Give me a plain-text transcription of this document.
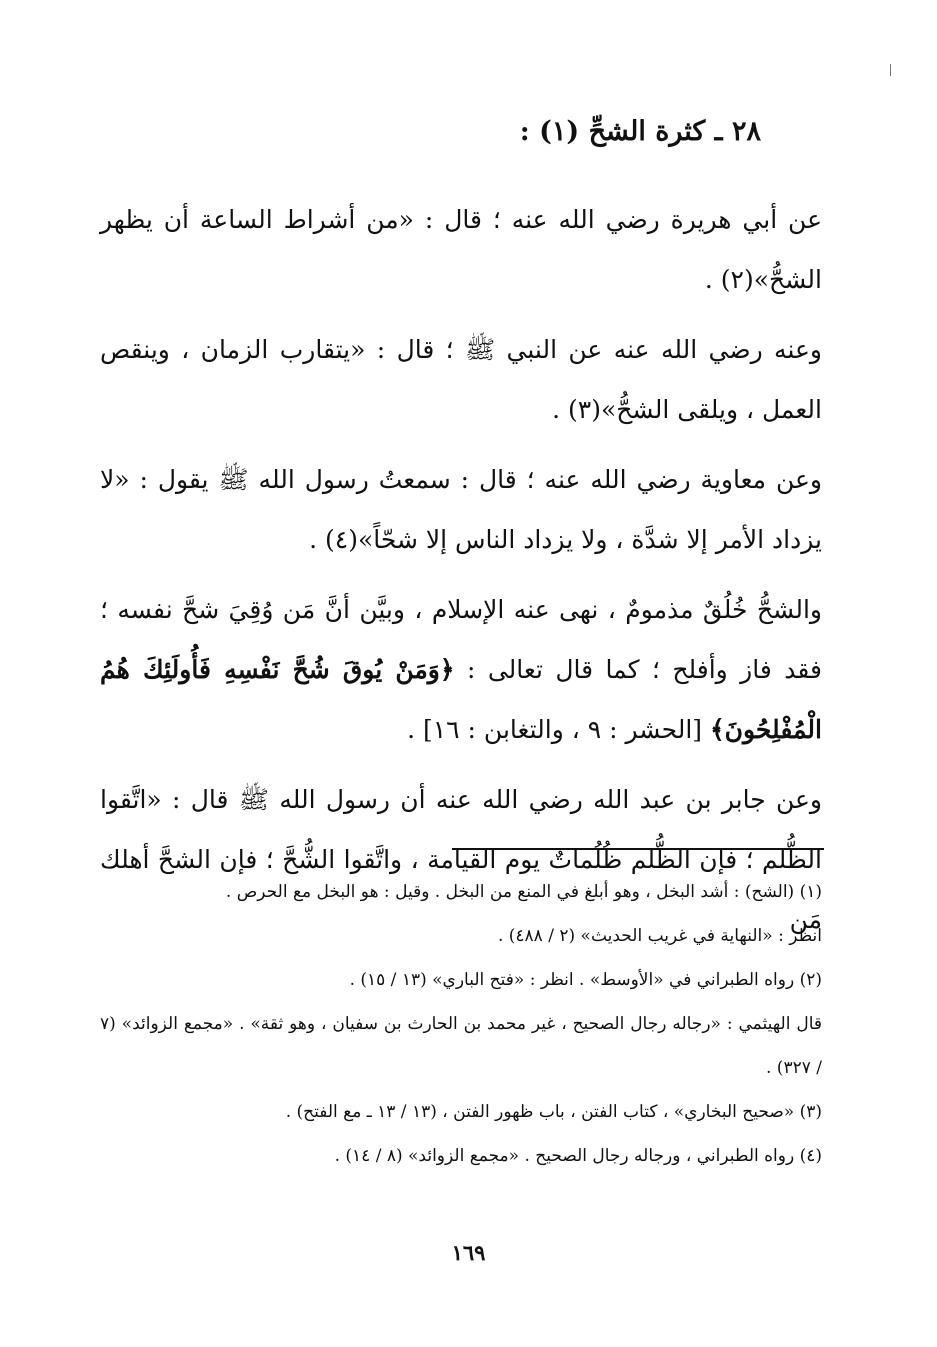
٢٨ ـ كثرة الشحِّ (١) :

عن أبي هريرة رضي الله عنه ؛ قال : «من أشراط الساعة أن يظهر الشحُّ»(٢) .

وعنه رضي الله عنه عن النبي ﷺ ؛ قال : «يتقارب الزمان ، وينقص العمل ، ويلقى الشحُّ»(٣) .

وعن معاوية رضي الله عنه ؛ قال : سمعتُ رسول الله ﷺ يقول : «لا يزداد الأمر إلا شدَّة ، ولا يزداد الناس إلا شحّاً»(٤) .

والشحُّ خُلُقٌ مذمومٌ ، نهى عنه الإسلام ، وبيَّن أنَّ مَن وُقِيَ شحَّ نفسه ؛ فقد فاز وأفلح ؛ كما قال تعالى : ﴿وَمَنْ يُوقَ شُحَّ نَفْسِهِ فَأُولَئِكَ هُمُ الْمُفْلِحُونَ﴾ [الحشر : ٩ ، والتغابن : ١٦] .

وعن جابر بن عبد الله رضي الله عنه أن رسول الله ﷺ قال : «اتَّقوا الظُّلم ؛ فإن الظُّلم ظُلُماتٌ يوم القيامة ، واتَّقوا الشُّحَّ ؛ فإن الشحَّ أهلك مَن

(١) (الشح) : أشد البخل ، وهو أبلغ في المنع من البخل . وقيل : هو البخل مع الحرص .

انظر : «النهاية في غريب الحديث» (٢ / ٤٨٨) .

(٢) رواه الطبراني في «الأوسط» . انظر : «فتح الباري» (١٣ / ١٥) .

قال الهيثمي : «رجاله رجال الصحيح ، غير محمد بن الحارث بن سفيان ، وهو ثقة» . «مجمع الزوائد» (٧ / ٣٢٧) .

(٣) «صحيح البخاري» ، كتاب الفتن ، باب ظهور الفتن ، (١٣ / ١٣ ـ مع الفتح) .

(٤) رواه الطبراني ، ورجاله رجال الصحيح . «مجمع الزوائد» (٨ / ١٤) .

١٦٩
